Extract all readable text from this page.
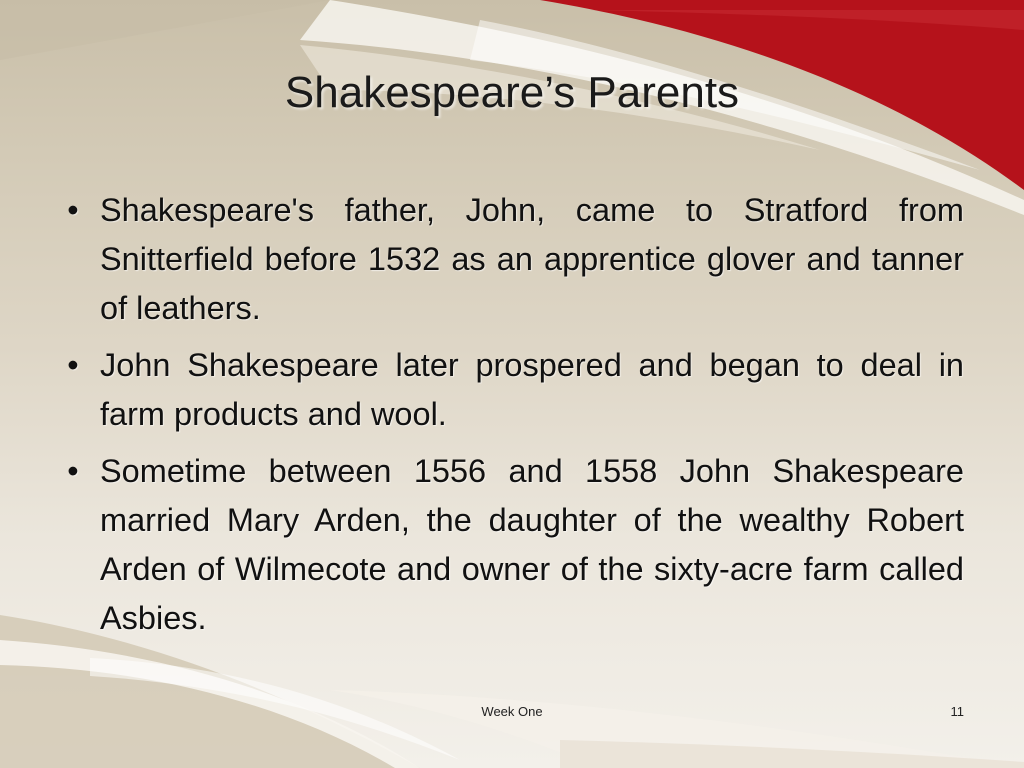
Shakespeare’s Parents
• Shakespeare's father, John, came to Stratford from Snitterfield before 1532 as an apprentice glover and tanner of leathers.
• John Shakespeare later prospered and began to deal in farm products and wool.
• Sometime between 1556 and 1558 John Shakespeare married Mary Arden, the daughter of the wealthy Robert Arden of Wilmecote and owner of the sixty-acre farm called Asbies.
Week One	11
